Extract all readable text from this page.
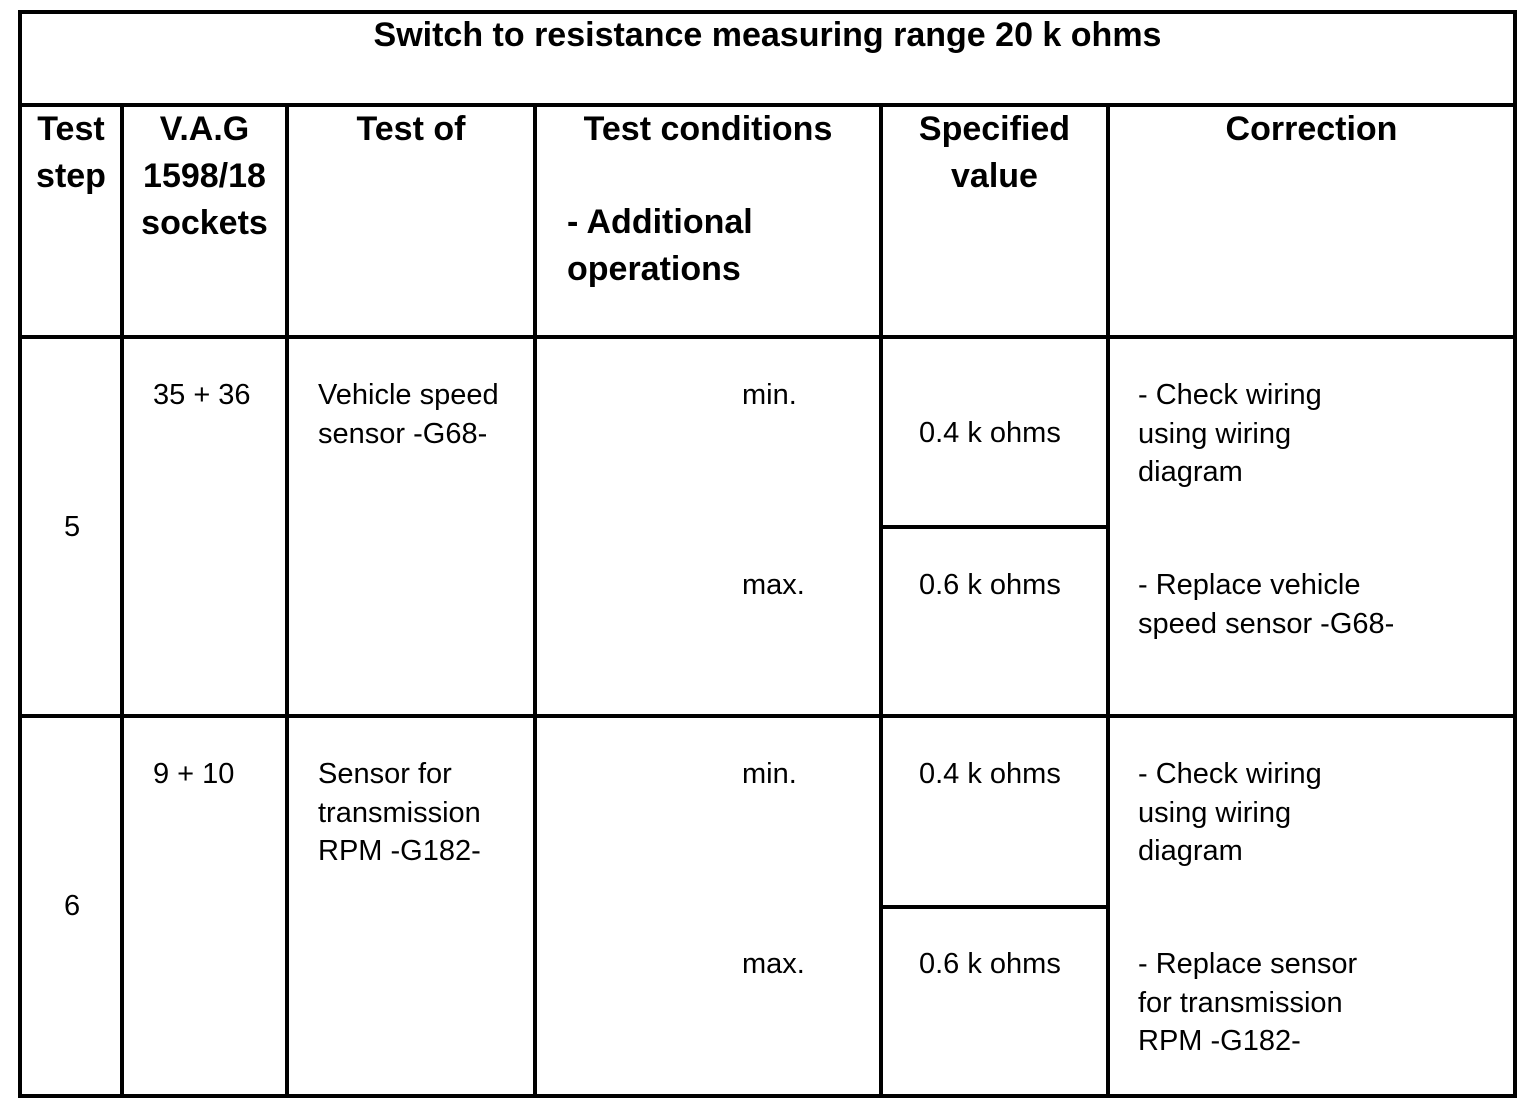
Switch to resistance measuring range 20 k ohms
Test
step
V.A.G
1598/18
sockets
Test of	Test conditions
- Additional
operations
Specified
value
Correction
5
35 + 36 Vehicle speed
sensor -G68-
min.
max.
0.4 k ohms
0.6 k ohms
- Check wiring
using wiring
diagram
- Replace vehicle
speed sensor -G68-
6
9 + 10	Sensor for
transmission
RPM -G182-
min.
max.
0.4 k ohms
0.6 k ohms
- Check wiring
using wiring
diagram
- Replace sensor
for transmission
RPM -G182-
